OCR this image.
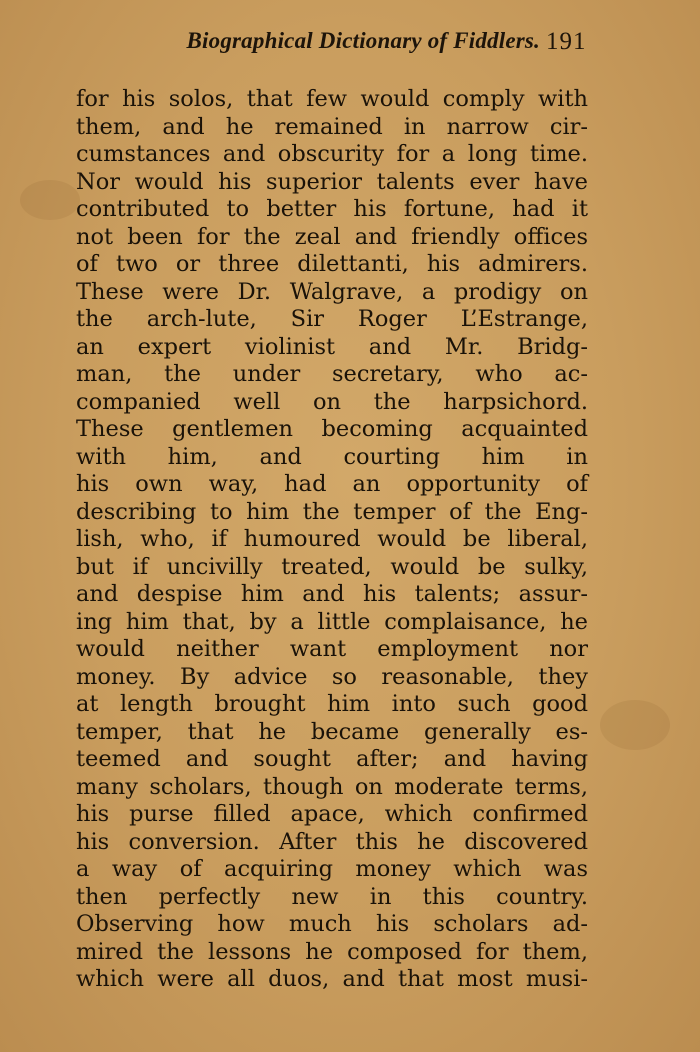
Biographical Dictionary of Fiddlers. 191
for his solos, that few would comply with
them, and he remained in narrow cir-
cumstances and obscurity for a long time.
Nor would his superior talents ever have
contributed to better his fortune, had it
not been for the zeal and friendly offices
of two or three dilettanti, his admirers.
These were Dr. Walgrave, a prodigy on
the arch-lute, Sir Roger L’Estrange,
an expert violinist and Mr. Bridg-
man, the under secretary, who ac-
companied well on the harpsichord.
These gentlemen becoming acquainted
with him, and courting him in
his own way, had an opportunity of
describing to him the temper of the Eng-
lish, who, if humoured would be liberal,
but if uncivilly treated, would be sulky,
and despise him and his talents; assur-
ing him that, by a little complaisance, he
would neither want employment nor
money. By advice so reasonable, they
at length brought him into such good
temper, that he became generally es-
teemed and sought after; and having
many scholars, though on moderate terms,
his purse filled apace, which confirmed
his conversion. After this he discovered
a way of acquiring money which was
then perfectly new in this country.
Observing how much his scholars ad-
mired the lessons he composed for them,
which were all duos, and that most musi-
